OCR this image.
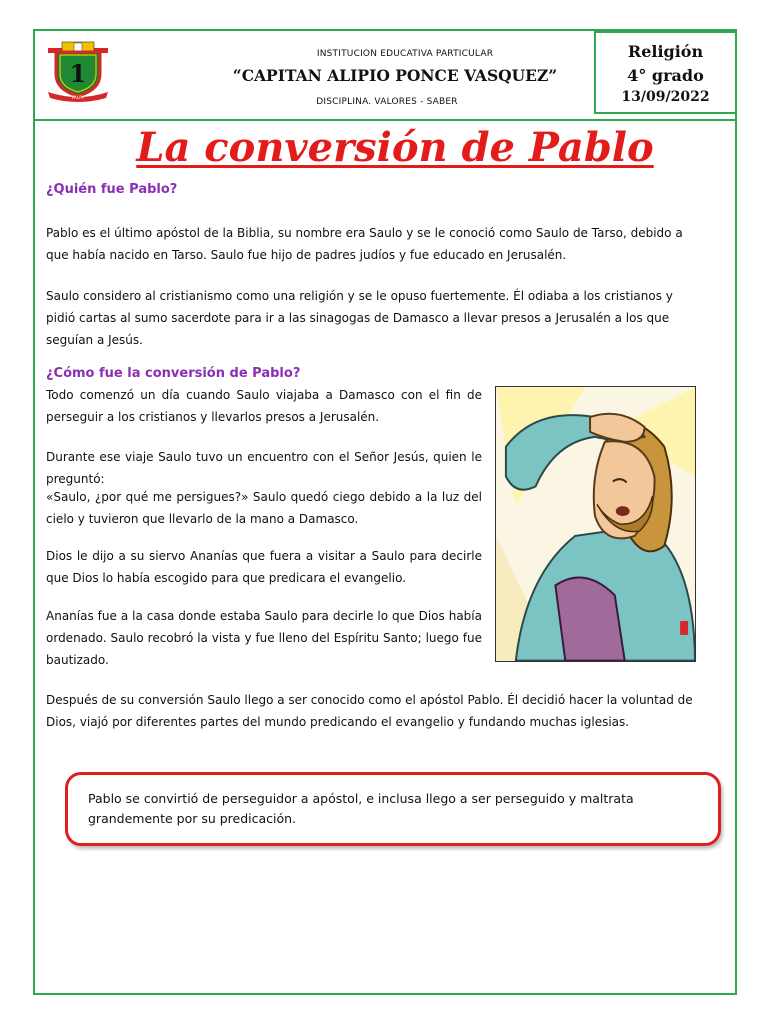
1
PALPA
INSTITUCION EDUCATIVA PARTICULAR
“CAPITAN ALIPIO PONCE VASQUEZ”
DISCIPLINA. VALORES - SABER
Religión
4° grado
13/09/2022
La conversión de Pablo
¿Quién fue Pablo?

Pablo es el último apóstol de la Biblia, su nombre era Saulo y se le conoció como Saulo de Tarso, debido a que había nacido en Tarso. Saulo fue hijo de padres judíos y fue educado en Jerusalén.

Saulo considero al cristianismo como una religión y se le opuso fuertemente. Él odiaba a los cristianos y pidió cartas al sumo sacerdote para ir a las sinagogas de Damasco a llevar presos a Jerusalén a los que seguían a Jesús.

¿Cómo fue la conversión de Pablo?

Todo comenzó un día cuando Saulo viajaba a Damasco con el fin de perseguir a los cristianos y llevarlos presos a Jerusalén.

Durante ese viaje Saulo tuvo un encuentro con el Señor Jesús, quien le preguntó:

«Saulo, ¿por qué me persigues?» Saulo quedó ciego debido a la luz del cielo y tuvieron que llevarlo de la mano a Damasco.

Dios le dijo a su siervo Ananías que fuera a visitar a Saulo para decirle que Dios lo había escogido para que predicara el evangelio.

Ananías fue a la casa donde estaba Saulo para decirle lo que Dios había ordenado. Saulo recobró la vista y fue lleno del Espíritu Santo; luego fue bautizado.

Después de su conversión Saulo llego a ser conocido como el apóstol Pablo. Él decidió hacer la voluntad de Dios, viajó por diferentes partes del mundo predicando el evangelio y fundando muchas iglesias.

Pablo se convirtió de perseguidor a apóstol, e inclusa llego a ser perseguido y maltrata grandemente por su predicación.
